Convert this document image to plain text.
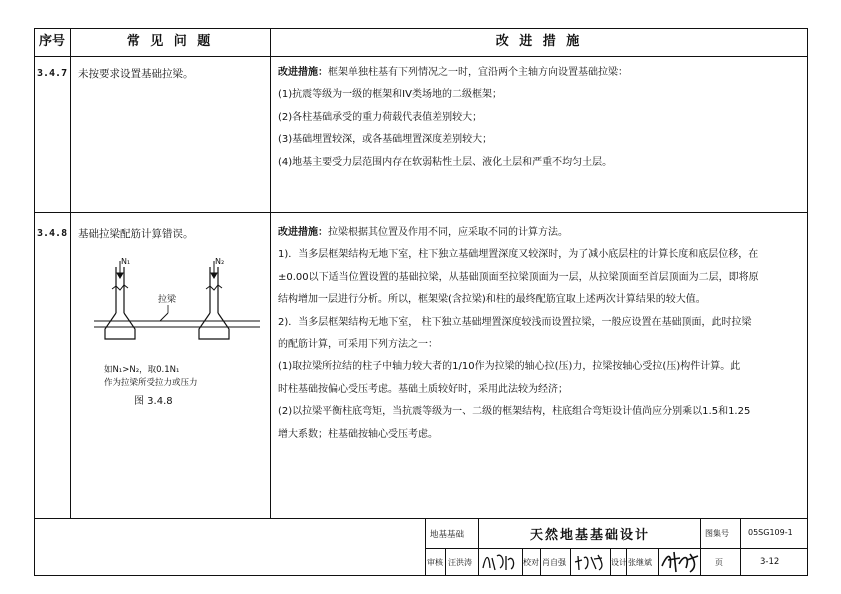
序号	常 见 问 题	改 进 措 施
3.4.7 未按要求设置基础拉梁。	改进措施：框架单独柱基有下列情况之一时，宜沿两个主轴方向设置基础拉梁：

(1)抗震等级为一级的框架和IV类场地的二级框架；

(2)各柱基础承受的重力荷载代表值差别较大；

(3)基础埋置较深，或各基础埋置深度差别较大；

(4)地基主要受力层范围内存在软弱粘性土层、液化土层和严重不均匀土层。

3.4.8 基础拉梁配筋计算错误。	改进措施：拉梁根据其位置及作用不同，应采取不同的计算方法。

1)．当多层框架结构无地下室，柱下独立基础埋置深度又较深时，为了减小底层柱的计算长度和底层位移，在

±0.00以下适当位置设置的基础拉梁，从基础顶面至拉梁顶面为一层，从拉梁顶面至首层顶面为二层，即将原

结构增加一层进行分析。所以，框架梁(含拉梁)和柱的最终配筋宜取上述两次计算结果的较大值。

2)．当多层框架结构无地下室， 柱下独立基础埋置深度较浅而设置拉梁，一般应设置在基础顶面，此时拉梁

的配筋计算，可采用下列方法之一：

(1)取拉梁所拉结的柱子中轴力较大者的1/10作为拉梁的轴心拉(压)力，拉梁按轴心受拉(压)构件计算。此

时柱基础按偏心受压考虑。基础土质较好时，采用此法较为经济；

(2)以拉梁平衡柱底弯矩，当抗震等级为一、二级的框架结构，柱底组合弯矩设计值尚应分别乘以1.5和1.25

增大系数；柱基础按轴心受压考虑。

N₁	N₂
拉梁
如N₁>N₂，取0.1N₁
作为拉梁所受拉力或压力
图 3.4.8
地基基础	天然地基基础设计	图集号 05SG109-1
审核 汪洪涛	校对 肖自强	设计 张继斌	页	3-12
